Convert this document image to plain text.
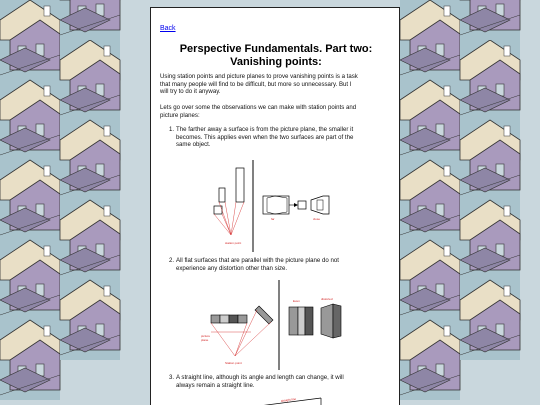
Back
Perspective Fundamentals. Part two:
Vanishing points:

Using station points and picture planes to prove vanishing points is a task
that many people will find to be difficult, but more so unnecessary. But I
will try to do it anyway.

Lets go over some the observations we can make with station points and
picture planes:

1. The farther away a surface is from the picture plane, the smaller it
becomes. This applies even when the two surfaces are part of the
same object.
station point
far	close
2. All flat surfaces that are parallel with the picture plane do not
experience any distortion other than size.
picture
plane
Station point
Even	distorted
3. A straight line, although its angle and length can change, it will
always remain a straight line.
straight line
